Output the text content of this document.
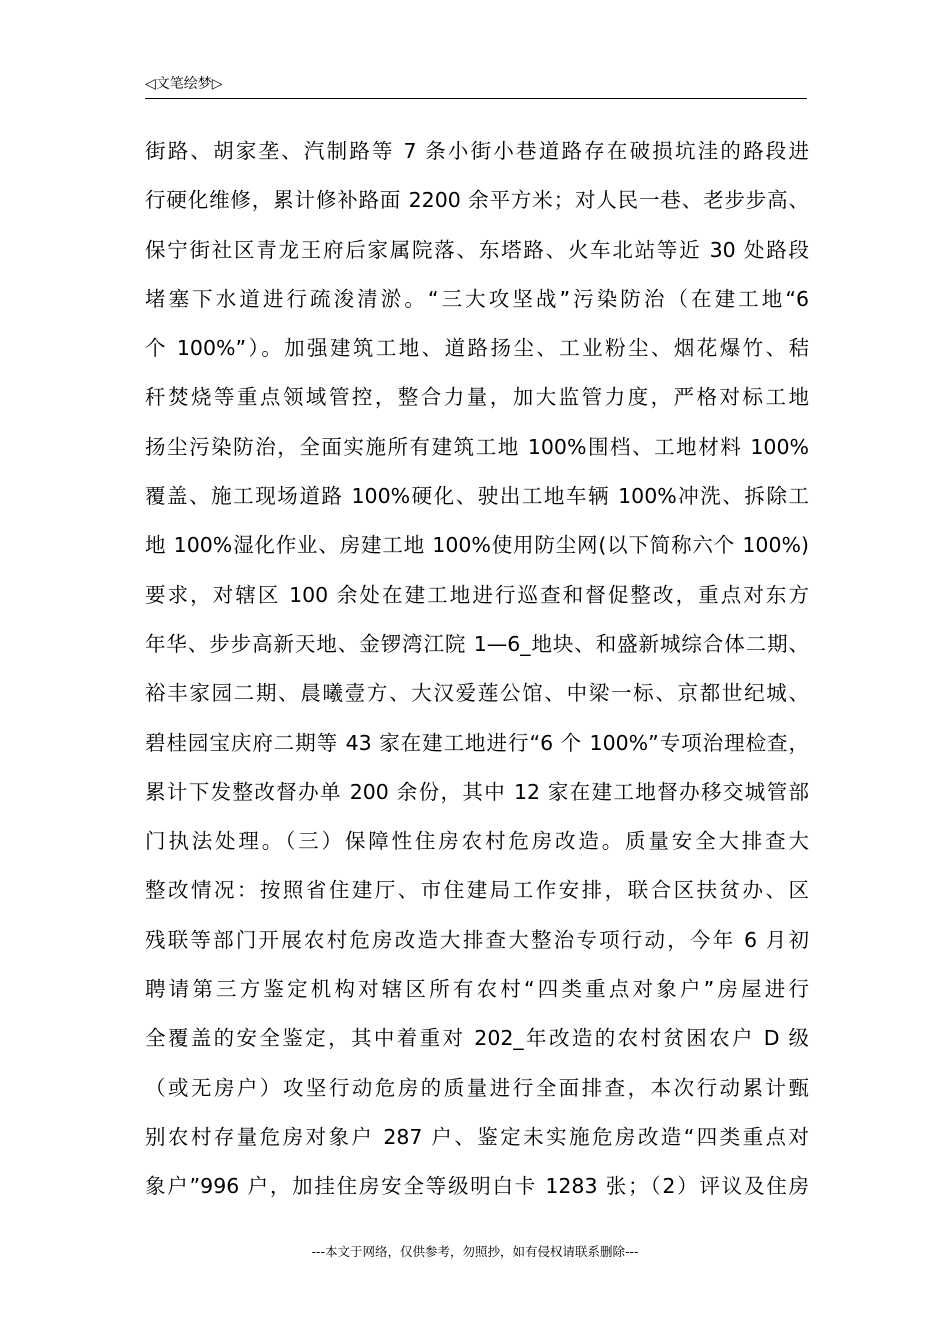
◁文笔绘梦▷
街路、胡家垄、汽制路等 7 条小街小巷道路存在破损坑洼的路段进
行硬化维修，累计修补路面 2200 余平方米；对人民一巷、老步步高、
保宁街社区青龙王府后家属院落、东塔路、火车北站等近 30 处路段
堵塞下水道进行疏浚清淤。“三大攻坚战”污染防治（在建工地“6
个 100%”）。加强建筑工地、道路扬尘、工业粉尘、烟花爆竹、秸
秆焚烧等重点领域管控，整合力量，加大监管力度，严格对标工地
扬尘污染防治，全面实施所有建筑工地 100%围档、工地材料 100%
覆盖、施工现场道路 100%硬化、驶出工地车辆 100%冲洗、拆除工
地 100%湿化作业、房建工地 100%使用防尘网(以下简称六个 100%)
要求，对辖区 100 余处在建工地进行巡查和督促整改，重点对东方
年华、步步高新天地、金锣湾江院 1—6_地块、和盛新城综合体二期、
裕丰家园二期、晨曦壹方、大汉爱莲公馆、中梁一标、京都世纪城、
碧桂园宝庆府二期等 43 家在建工地进行“6 个 100%”专项治理检查，
累计下发整改督办单 200 余份，其中 12 家在建工地督办移交城管部
门执法处理。（三）保障性住房农村危房改造。质量安全大排查大
整改情况：按照省住建厅、市住建局工作安排，联合区扶贫办、区
残联等部门开展农村危房改造大排查大整治专项行动，今年 6 月初
聘请第三方鉴定机构对辖区所有农村“四类重点对象户”房屋进行
全覆盖的安全鉴定，其中着重对 202_年改造的农村贫困农户 D 级
（或无房户）攻坚行动危房的质量进行全面排查，本次行动累计甄
别农村存量危房对象户 287 户、鉴定未实施危房改造“四类重点对
象户”996 户，加挂住房安全等级明白卡 1283 张；（2）评议及住房
---本文于网络，仅供参考，勿照抄，如有侵权请联系删除---
